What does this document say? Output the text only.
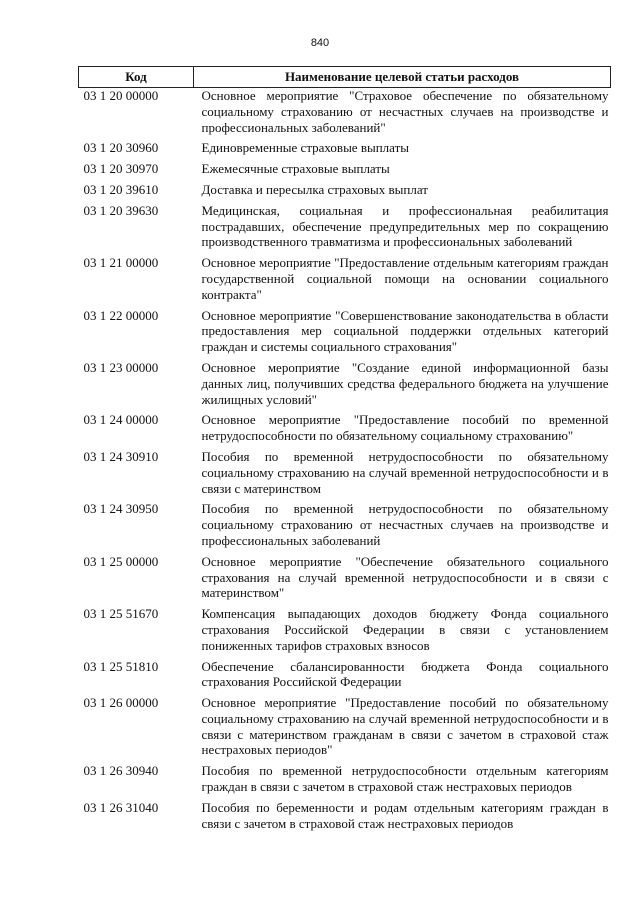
840
Код	Наименование целевой статьи расходов
03 1 20 00000	Основное мероприятие "Страховое обеспечение по обязательному социальному страхованию от несчастных случаев на производстве и профессиональных заболеваний"
03 1 20 30960	Единовременные страховые выплаты
03 1 20 30970	Ежемесячные страховые выплаты
03 1 20 39610	Доставка и пересылка страховых выплат
03 1 20 39630	Медицинская, социальная и профессиональная реабилитация пострадавших, обеспечение предупредительных мер по сокращению производственного травматизма и профессиональных заболеваний
03 1 21 00000	Основное мероприятие "Предоставление отдельным категориям граждан государственной социальной помощи на основании социального контракта"
03 1 22 00000	Основное мероприятие "Совершенствование законодательства в области предоставления мер социальной поддержки отдельных категорий граждан и системы социального страхования"
03 1 23 00000	Основное мероприятие "Создание единой информационной базы данных лиц, получивших средства федерального бюджета на улучшение жилищных условий"
03 1 24 00000	Основное мероприятие "Предоставление пособий по временной нетрудоспособности по обязательному социальному страхованию"
03 1 24 30910	Пособия по временной нетрудоспособности по обязательному социальному страхованию на случай временной нетрудоспособности и в связи с материнством
03 1 24 30950	Пособия по временной нетрудоспособности по обязательному социальному страхованию от несчастных случаев на производстве и профессиональных заболеваний
03 1 25 00000	Основное мероприятие "Обеспечение обязательного социального страхования на случай временной нетрудоспособности и в связи с материнством"
03 1 25 51670	Компенсация выпадающих доходов бюджету Фонда социального страхования Российской Федерации в связи с установлением пониженных тарифов страховых взносов
03 1 25 51810	Обеспечение сбалансированности бюджета Фонда социального страхования Российской Федерации
03 1 26 00000	Основное мероприятие "Предоставление пособий по обязательному социальному страхованию на случай временной нетрудоспособности и в связи с материнством гражданам в связи с зачетом в страховой стаж нестраховых периодов"
03 1 26 30940	Пособия по временной нетрудоспособности отдельным категориям граждан в связи с зачетом в страховой стаж нестраховых периодов
03 1 26 31040	Пособия по беременности и родам отдельным категориям граждан в связи с зачетом в страховой стаж нестраховых периодов
